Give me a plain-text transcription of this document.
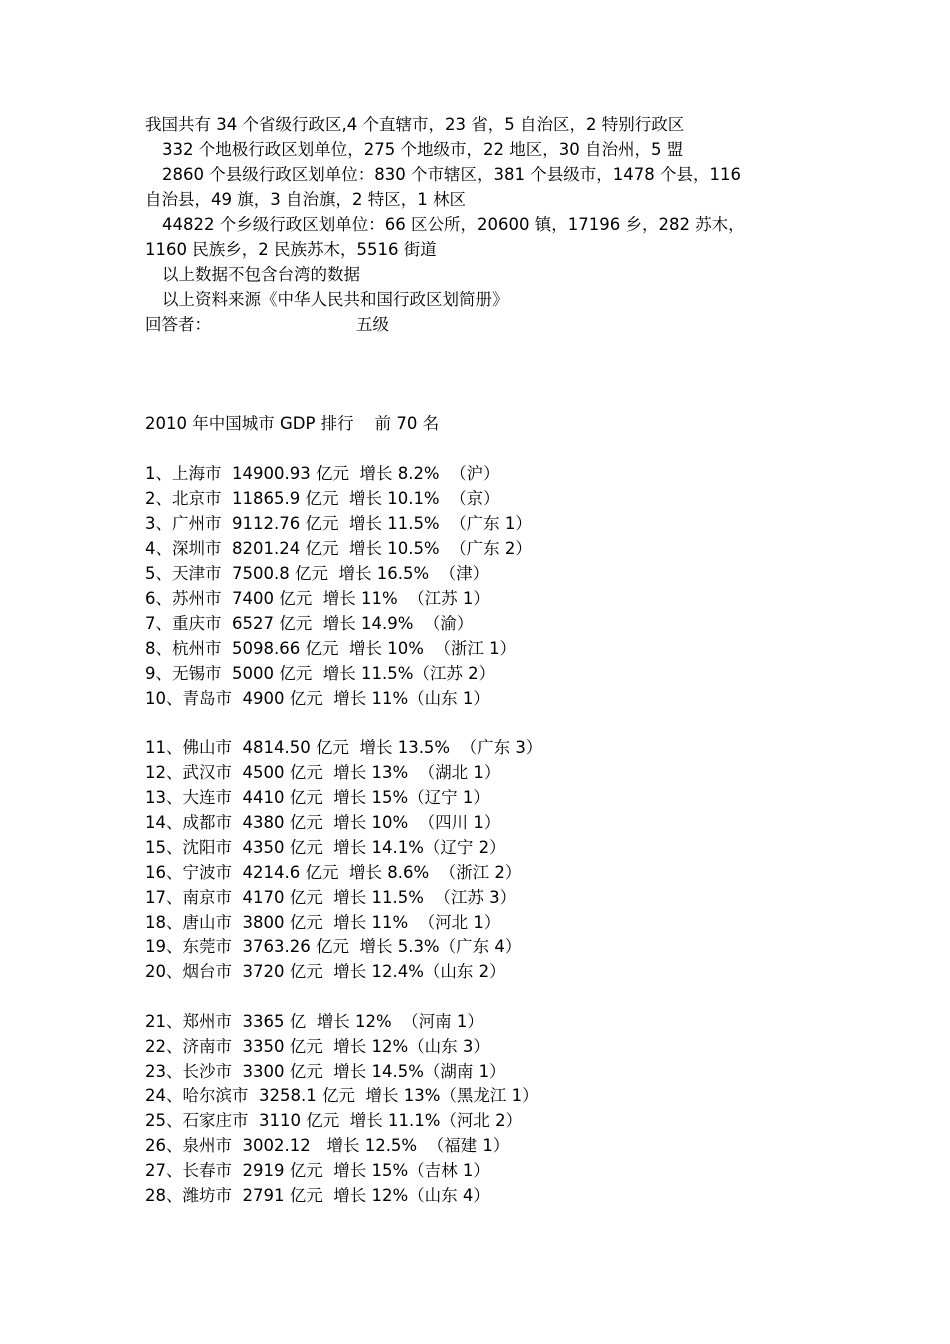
我国共有 34 个省级行政区,4 个直辖市，23 省，5 自治区，2 特别行政区
332 个地极行政区划单位，275 个地级市，22 地区，30 自治州，5 盟
2860 个县级行政区划单位：830 个市辖区，381 个县级市，1478 个县，116
自治县，49 旗，3 自治旗，2 特区，1 林区
44822 个乡级行政区划单位：66 区公所，20600 镇，17196 乡，282 苏木，
1160 民族乡，2 民族苏木，5516 街道
以上数据不包含台湾的数据
以上资料来源《中华人民共和国行政区划简册》
回答者：	五级
2010 年中国城市 GDP 排行    前 70 名
1、上海市  14900.93 亿元  增长 8.2%  （沪）
2、北京市  11865.9 亿元  增长 10.1%  （京）
3、广州市  9112.76 亿元  增长 11.5%  （广东 1）
4、深圳市  8201.24 亿元  增长 10.5%  （广东 2）
5、天津市  7500.8 亿元  增长 16.5%  （津）
6、苏州市  7400 亿元  增长 11%  （江苏 1）
7、重庆市  6527 亿元  增长 14.9%  （渝）
8、杭州市  5098.66 亿元  增长 10%  （浙江 1）
9、无锡市  5000 亿元  增长 11.5%（江苏 2）
10、青岛市  4900 亿元  增长 11%（山东 1）
11、佛山市  4814.50 亿元  增长 13.5%  （广东 3）
12、武汉市  4500 亿元  增长 13%  （湖北 1）
13、大连市  4410 亿元  增长 15%（辽宁 1）
14、成都市  4380 亿元  增长 10%  （四川 1）
15、沈阳市  4350 亿元  增长 14.1%（辽宁 2）
16、宁波市  4214.6 亿元  增长 8.6%  （浙江 2）
17、南京市  4170 亿元  增长 11.5%  （江苏 3）
18、唐山市  3800 亿元  增长 11%  （河北 1）
19、东莞市  3763.26 亿元  增长 5.3%（广东 4）
20、烟台市  3720 亿元  增长 12.4%（山东 2）
21、郑州市  3365 亿  增长 12%  （河南 1）
22、济南市  3350 亿元  增长 12%（山东 3）
23、长沙市  3300 亿元  增长 14.5%（湖南 1）
24、哈尔滨市  3258.1 亿元  增长 13%（黑龙江 1）
25、石家庄市  3110 亿元  增长 11.1%（河北 2）
26、泉州市  3002.12   增长 12.5%  （福建 1）
27、长春市  2919 亿元  增长 15%（吉林 1）
28、潍坊市  2791 亿元  增长 12%（山东 4）
